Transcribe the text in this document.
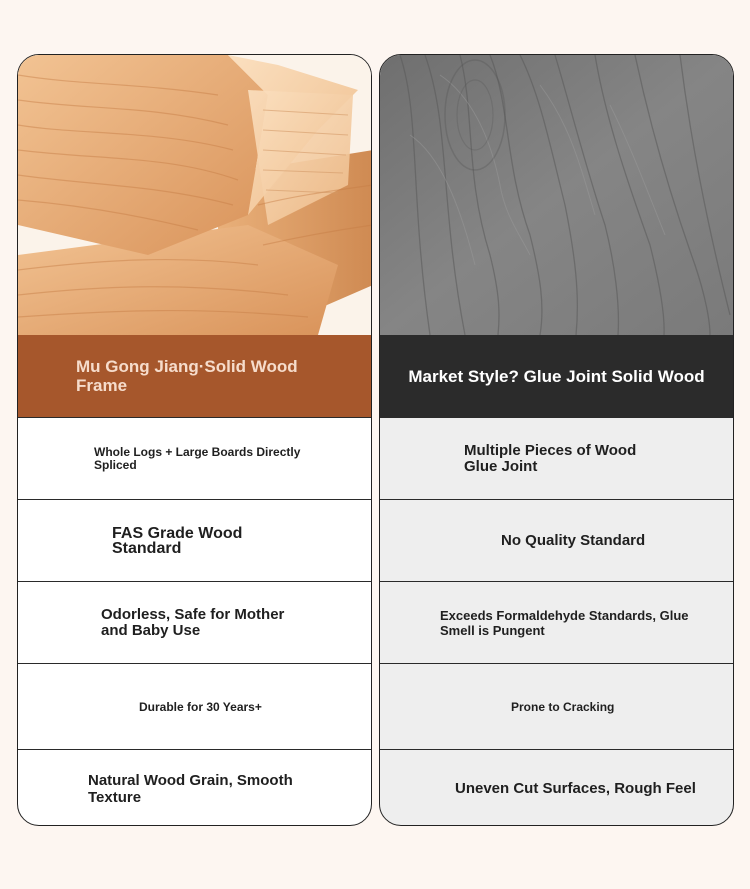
Mu Gong Jiang·Solid Wood Frame
Whole Logs + Large Boards Directly Spliced
FAS Grade Wood Standard
Odorless, Safe for Mother and Baby Use
Durable for 30 Years+
Natural Wood Grain, Smooth Texture
Market Style? Glue Joint Solid Wood
Multiple Pieces of Wood Glue Joint
No Quality Standard
Exceeds Formaldehyde Standards, Glue Smell is Pungent
Prone to Cracking
Uneven Cut Surfaces, Rough Feel
